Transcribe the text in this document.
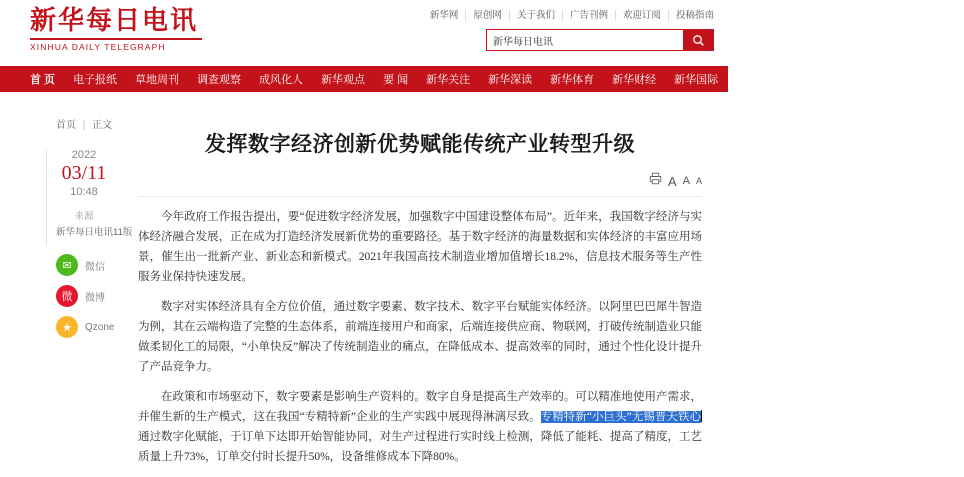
新华每日电讯
XINHUA DAILY TELEGRAPH
新华网	原创网	关于我们	广告刊例	欢迎订阅	投稿指南
新华每日电讯
首 页	电子报纸	草地周刊	调查观察	成风化人	新华观点	要 闻	新华关注	新华深读	新华体育	新华财经	新华国际	新华融媒	精彩专题	医卫健康	看天下
首页 | 正文
2022
03/11
10:48
来源
新华每日电讯11版
✉	微信
微	微博
★	Qzone
发挥数字经济创新优势赋能传统产业转型升级
A A A

今年政府工作报告提出，要“促进数字经济发展，加强数字中国建设整体布局”。近年来，我国数字经济与实体经济融合发展，正在成为打造经济发展新优势的重要路径。基于数字经济的海量数据和实体经济的丰富应用场景，催生出一批新产业、新业态和新模式。2021年我国高技术制造业增加值增长18.2%，信息技术服务等生产性服务业保持快速发展。

数字对实体经济具有全方位价值，通过数字要素、数字技术、数字平台赋能实体经济。以阿里巴巴犀牛智造为例，其在云端构造了完整的生态体系，前端连接用户和商家，后端连接供应商、物联网，打破传统制造业只能做柔韧化工的局限，“小单快反”解决了传统制造业的痛点，在降低成本、提高效率的同时，通过个性化设计提升了产品竞争力。

在政策和市场驱动下，数字要素是影响生产资料的。数字自身是提高生产效率的。可以精准地使用产需求，并催生新的生产模式，这在我国“专精特新”企业的生产实践中展现得淋漓尽致。专精特新“小巨头”无锡普天铁心通过数字化赋能，于订单下达即开始智能协同，对生产过程进行实时线上检测，降低了能耗、提高了精度，工艺质量上升73%，订单交付时长提升50%，设备维修成本下降80%。
